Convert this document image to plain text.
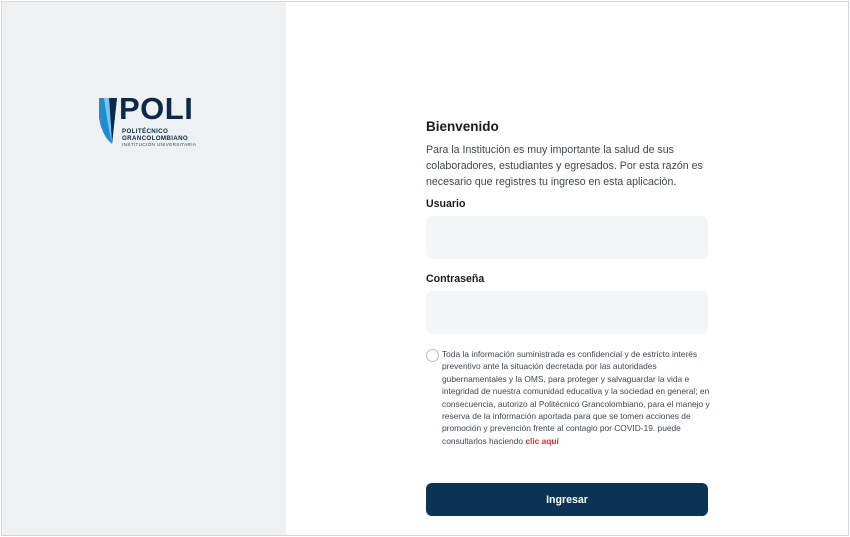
POLI
POLITÉCNICO
GRANCOLOMBIANO
INSTITUCIÓN UNIVERSITARIA
Bienvenido
Para la Institución es muy importante la salud de sus colaboradores, estudiantes y egresados. Por esta razón es necesario que registres tu ingreso en esta aplicación.
Usuario
Contraseña
Toda la información suministrada es confidencial y de estricto interés preventivo ante la situación decretada por las autoridades gubernamentales y la OMS, para proteger y salvaguardar la vida e integridad de nuestra comunidad educativa y la sociedad en general; en consecuencia, autorizo al Politécnico Grancolombiano, para el manejo y reserva de la información aportada para que se tomen acciones de promoción y prevención frente al contagio por COVID-19. puede consultarlos haciendo clic aquí
Ingresar
